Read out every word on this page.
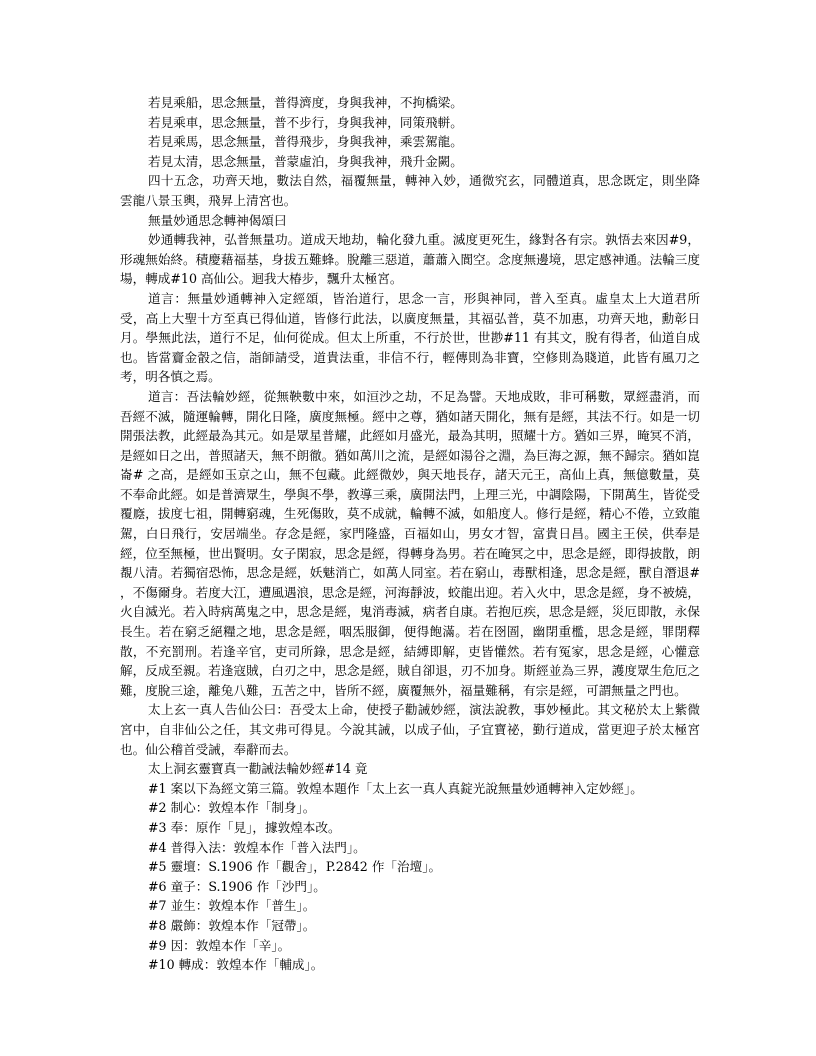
若見乘船，思念無量，普得濟度，身與我神，不拘橋梁。

若見乘車，思念無量，普不步行，身與我神，同策飛軿。

若見乘馬，思念無量，普得飛步，身與我神，乘雲駕龍。

若見太清，思念無量，普蒙虛泊，身與我神，飛升金闕。

四十五念，功齊天地，數法自然，福覆無量，轉神入妙，通微究玄，同體道真，思念既定，則坐降雲龍八景玉輿，飛昇上清宮也。

無量妙通思念轉神偈頌曰

妙通轉我神，弘普無量功。道成天地劫，輪化發九重。滅度更死生，緣對各有宗。孰悟去來因#9，形魂無始終。積慶藉福基，身拔五難蜂。脫離三惡道，蕭蕭入閬空。念度無邊境，思定感神通。法輪三度場，轉成#10 高仙公。迴我大椿步，飄升太極宮。

道言：無量妙通轉神入定經頌，皆治道行，思念一言，形與神同，普入至真。虛皇太上大道君所受，高上大聖十方至真已得仙道，皆修行此法，以廣度無量，其福弘普，莫不加惠，功齊天地，勳彰日月。學無此法，道行不足，仙何從成。但太上所重，不行於世，世尠#11 有其文，脫有得者，仙道自成也。皆當齎金瞉之信，詣師請受，道貴法重，非信不行，輕傳則為非寶，空修則為賤道，此皆有風刀之考，明各慎之焉。

道言：吾法輪妙經，從無鞅數中來，如洹沙之劫，不足為譬。天地成敗，非可稱數，眾經盡消，而吾經不滅，隨運輪轉，開化日隆，廣度無極。經中之尊，猶如諸天開化，無有是經，其法不行。如是一切開張法教，此經最為其元。如是眾星普耀，此經如月盛光，最為其明，照耀十方。猶如三界，晻冥不消，是經如日之出，普照諸天，無不朗徹。猶如萬川之流，是經如湯谷之淵，為巨海之源，無不歸宗。猶如崑崙# 之高，是經如玉京之山，無不包藏。此經微妙，與天地長存，諸天元王，高仙上真，無億數量，莫不奉命此經。如是普濟眾生，學與不學，教導三乘，廣開法門，上理三光，中調陰陽，下開萬生，皆從受覆廕，拔度七祖，開轉窮魂，生死傷敗，莫不成就，輪轉不滅，如船度人。修行是經，精心不倦，立致龍駕，白日飛行，安居端坐。存念是經，家門隆盛，百福如山，男女才智，富貴日昌。國主王侯，供奉是經，位至無極，世出賢明。女子閑寂，思念是經，得轉身為男。若在晻冥之中，思念是經，即得披散，朗覩八清。若獨宿恐怖，思念是經，妖魅消亡，如萬人同室。若在窮山，毒獸相逢，思念是經，獸自潛退# ，不傷爾身。若度大江，遭風遇浪，思念是經，河海靜波，蛟龍出迎。若入火中，思念是經，身不被燒，火自滅光。若入時病萬鬼之中，思念是經，鬼消毒滅，病者自康。若抱厄疾，思念是經，災厄即散，永保長生。若在窮乏絕糧之地，思念是經，咽炁服御，便得飽滿。若在囹圄，幽閉重檻，思念是經，罪閉釋散，不充罰刑。若逢辛官，吏司所錄，思念是經，結縛即解，吏皆懽然。若有冤家，思念是經，心懽意解，反成至親。若逢寇賊，白刃之中，思念是經，賊自卻退，刃不加身。斯經並為三界，護度眾生危厄之難，度脫三途，離兔八難，五苦之中，皆所不經，廣覆無外，福量難稱，有宗是經，可謂無量之門也。

太上玄一真人告仙公曰：吾受太上命，使授子勸誡妙經，演法說教，事妙極此。其文秘於太上紫微宮中，自非仙公之任，其文弗可得見。今說其誡，以成子仙，子宜寶祕，勤行道成，當更迎子於太極宮也。仙公稽首受誡，奉辭而去。

太上洞玄靈寶真一勸誡法輪妙經#14 竟

#1 案以下為經文第三篇。敦煌本題作「太上玄一真人真錠光說無量妙通轉神入定妙經」。

#2 制心：敦煌本作「制身」。

#3 奉：原作「見」，據敦煌本改。

#4 普得入法：敦煌本作「普入法門」。

#5 靈壇：S.1906 作「觀舍」，P.2842 作「治壇」。

#6 童子：S.1906 作「沙門」。

#7 並生：敦煌本作「普生」。

#8 嚴飾：敦煌本作「冠帶」。

#9 因：敦煌本作「辛」。

#10 轉成：敦煌本作「輔成」。
